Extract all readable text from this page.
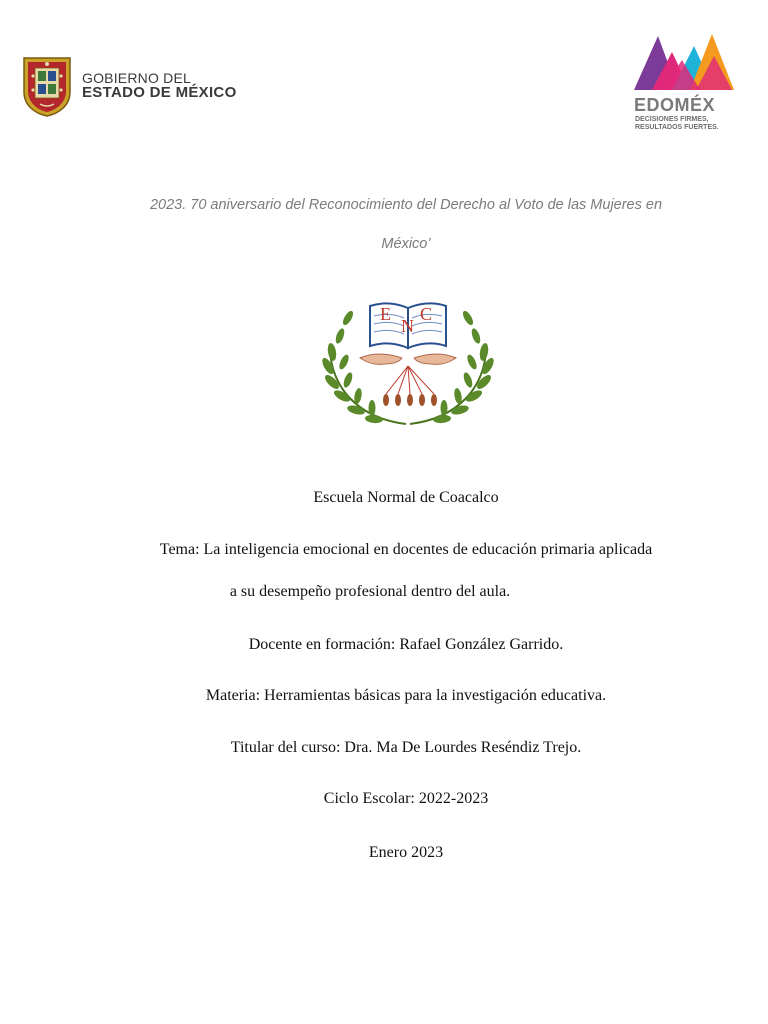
GOBIERNO DEL
ESTADO DE MÉXICO
EDOMÉX
DECISIONES FIRMES,
RESULTADOS FUERTES.
2023. 70 aniversario del Reconocimiento del Derecho al Voto de las Mujeres en
México’
E
N
C
Escuela Normal de Coacalco
Tema: La inteligencia emocional en docentes de educación primaria aplicada
a su desempeño profesional dentro del aula.
Docente en formación: Rafael González Garrido.
Materia: Herramientas básicas para la investigación educativa.
Titular del curso: Dra. Ma De Lourdes Reséndiz Trejo.
Ciclo Escolar: 2022-2023
Enero 2023
